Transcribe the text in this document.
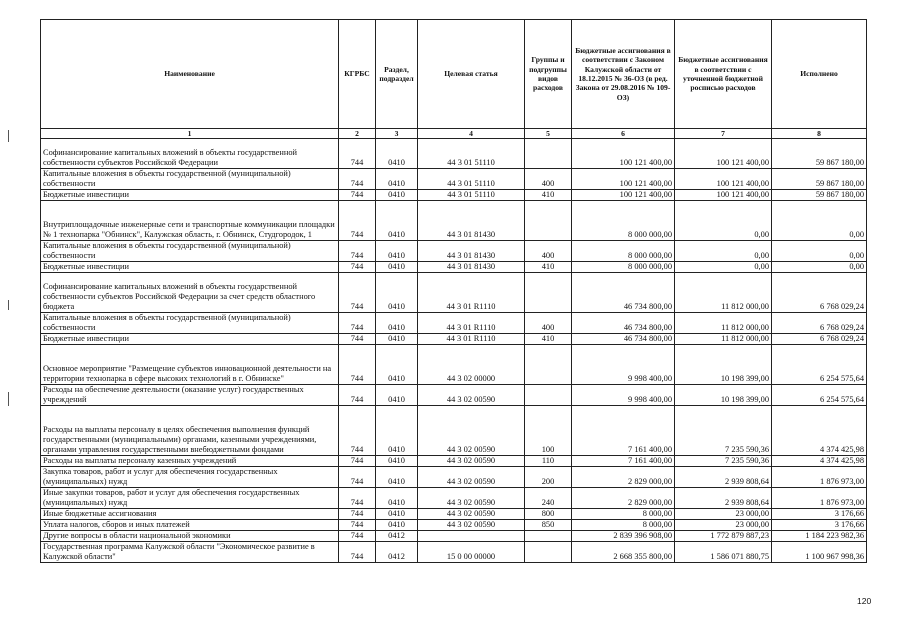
Наименование	КГРБС	Раздел, подраздел	Целевая статья	Группы и подгруппы видов расходов	Бюджетные ассигнования в соответствии с Законом Калужской области от 18.12.2015 № 36-ОЗ (в ред. Закона от 29.08.2016 № 109-ОЗ)	Бюджетные ассигнования в соответствии с уточненной бюджетной росписью расходов	Исполнено
1	2	3	4	5	6	7	8
Софинансирование капитальных вложений в объекты государственной собственности субъектов Российской Федерации	744	0410	44 3 01 51110		100 121 400,00	100 121 400,00	59 867 180,00
Капитальные вложения в объекты государственной (муниципальной) собственности	744	0410	44 3 01 51110	400	100 121 400,00	100 121 400,00	59 867 180,00
Бюджетные инвестиции	744	0410	44 3 01 51110	410	100 121 400,00	100 121 400,00	59 867 180,00
Внутриплощадочные инженерные сети и транспортные коммуникации площадки № 1 технопарка "Обнинск", Калужская область, г. Обнинск, Студгородок, 1	744	0410	44 3 01 81430		8 000 000,00	0,00	0,00
Капитальные вложения в объекты государственной (муниципальной) собственности	744	0410	44 3 01 81430	400	8 000 000,00	0,00	0,00
Бюджетные инвестиции	744	0410	44 3 01 81430	410	8 000 000,00	0,00	0,00
Софинансирование капитальных вложений в объекты государственной собственности субъектов Российской Федерации за счет средств областного бюджета	744	0410	44 3 01 R1110		46 734 800,00	11 812 000,00	6 768 029,24
Капитальные вложения в объекты государственной (муниципальной) собственности	744	0410	44 3 01 R1110	400	46 734 800,00	11 812 000,00	6 768 029,24
Бюджетные инвестиции	744	0410	44 3 01 R1110	410	46 734 800,00	11 812 000,00	6 768 029,24
Основное мероприятие "Размещение субъектов инновационной деятельности на территории технопарка в сфере высоких технологий в г. Обнинске"	744	0410	44 3 02 00000		9 998 400,00	10 198 399,00	6 254 575,64
Расходы на обеспечение деятельности (оказание услуг) государственных учреждений	744	0410	44 3 02 00590		9 998 400,00	10 198 399,00	6 254 575,64
Расходы на выплаты персоналу в целях обеспечения выполнения функций государственными (муниципальными) органами, казенными учреждениями, органами управления государственными внебюджетными фондами	744	0410	44 3 02 00590	100	7 161 400,00	7 235 590,36	4 374 425,98
Расходы на выплаты персоналу казенных учреждений	744	0410	44 3 02 00590	110	7 161 400,00	7 235 590,36	4 374 425,98
Закупка товаров, работ и услуг для обеспечения государственных (муниципальных) нужд	744	0410	44 3 02 00590	200	2 829 000,00	2 939 808,64	1 876 973,00
Иные закупки товаров, работ и услуг для обеспечения государственных (муниципальных) нужд	744	0410	44 3 02 00590	240	2 829 000,00	2 939 808,64	1 876 973,00
Иные бюджетные ассигнования	744	0410	44 3 02 00590	800	8 000,00	23 000,00	3 176,66
Уплата налогов, сборов и иных платежей	744	0410	44 3 02 00590	850	8 000,00	23 000,00	3 176,66
Другие вопросы в области национальной экономики	744	0412			2 839 396 908,00	1 772 879 887,23	1 184 223 982,36
Государственная программа Калужской области "Экономическое развитие в Калужской области"	744	0412	15 0 00 00000		2 668 355 800,00	1 586 071 880,75	1 100 967 998,36
120
